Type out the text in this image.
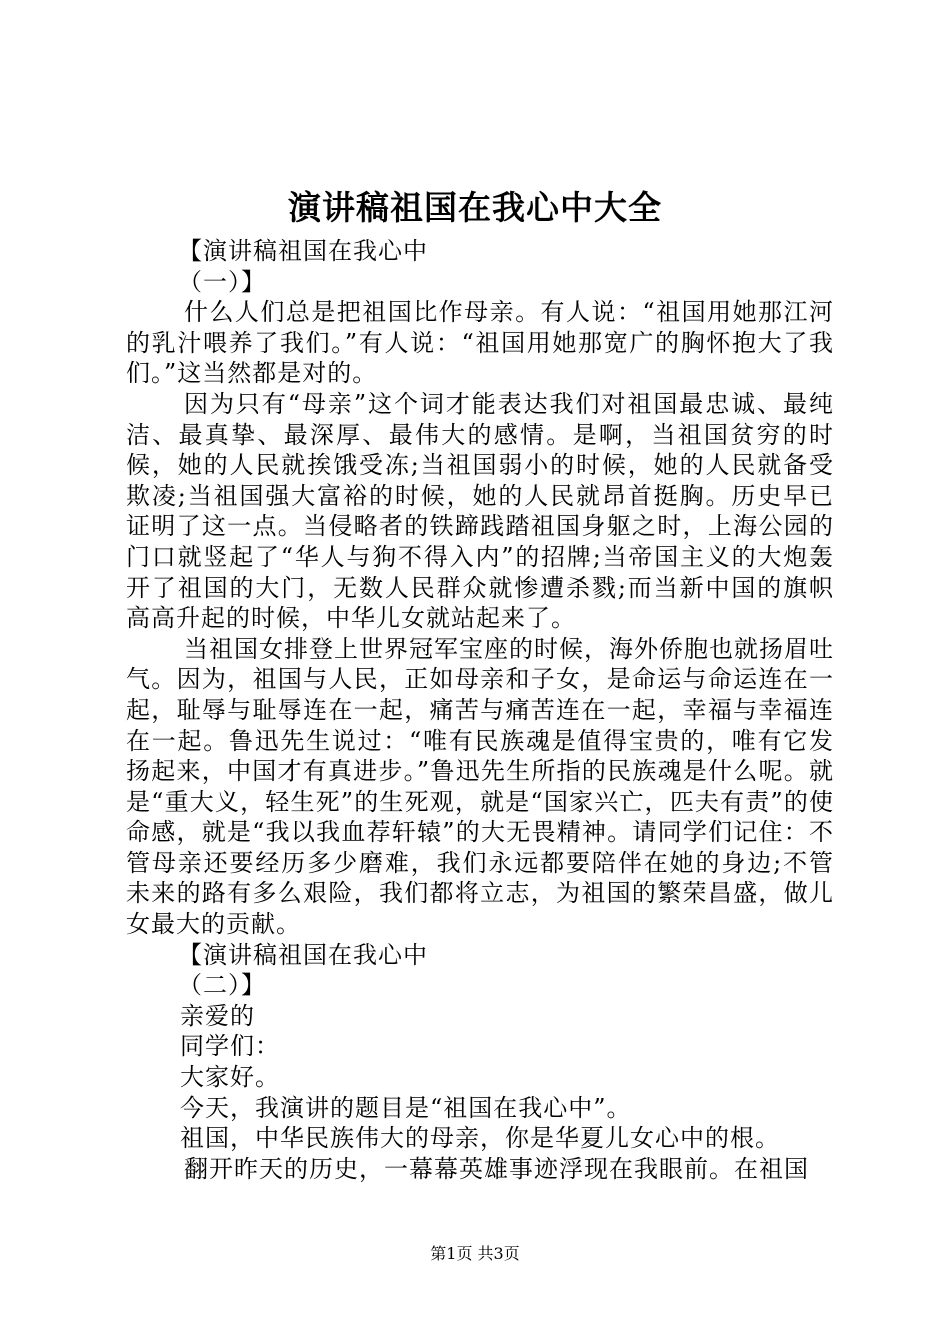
演讲稿祖国在我心中大全

【演讲稿祖国在我心中

（一）】

什么人们总是把祖国比作母亲。有人说：“祖国用她那江河的乳汁喂养了我们。”有人说：“祖国用她那宽广的胸怀抱大了我们。”这当然都是对的。

因为只有“母亲”这个词才能表达我们对祖国最忠诚、最纯洁、最真挚、最深厚、最伟大的感情。是啊，当祖国贫穷的时候，她的人民就挨饿受冻;当祖国弱小的时候，她的人民就备受欺凌;当祖国强大富裕的时候，她的人民就昂首挺胸。历史早已证明了这一点。当侵略者的铁蹄践踏祖国身躯之时，上海公园的门口就竖起了“华人与狗不得入内”的招牌;当帝国主义的大炮轰开了祖国的大门，无数人民群众就惨遭杀戮;而当新中国的旗帜高高升起的时候，中华儿女就站起来了。

当祖国女排登上世界冠军宝座的时候，海外侨胞也就扬眉吐气。因为，祖国与人民，正如母亲和子女，是命运与命运连在一起，耻辱与耻辱连在一起，痛苦与痛苦连在一起，幸福与幸福连在一起。鲁迅先生说过：“唯有民族魂是值得宝贵的，唯有它发扬起来，中国才有真进步。”鲁迅先生所指的民族魂是什么呢。就是“重大义，轻生死”的生死观，就是“国家兴亡，匹夫有责”的使命感，就是“我以我血荐轩辕”的大无畏精神。请同学们记住：不管母亲还要经历多少磨难，我们永远都要陪伴在她的身边;不管未来的路有多么艰险，我们都将立志，为祖国的繁荣昌盛，做儿女最大的贡献。

【演讲稿祖国在我心中

（二）】

亲爱的

同学们：

大家好。

今天，我演讲的题目是“祖国在我心中”。

祖国，中华民族伟大的母亲，你是华夏儿女心中的根。

翻开昨天的历史，一幕幕英雄事迹浮现在我眼前。在祖国

第1页 共3页
